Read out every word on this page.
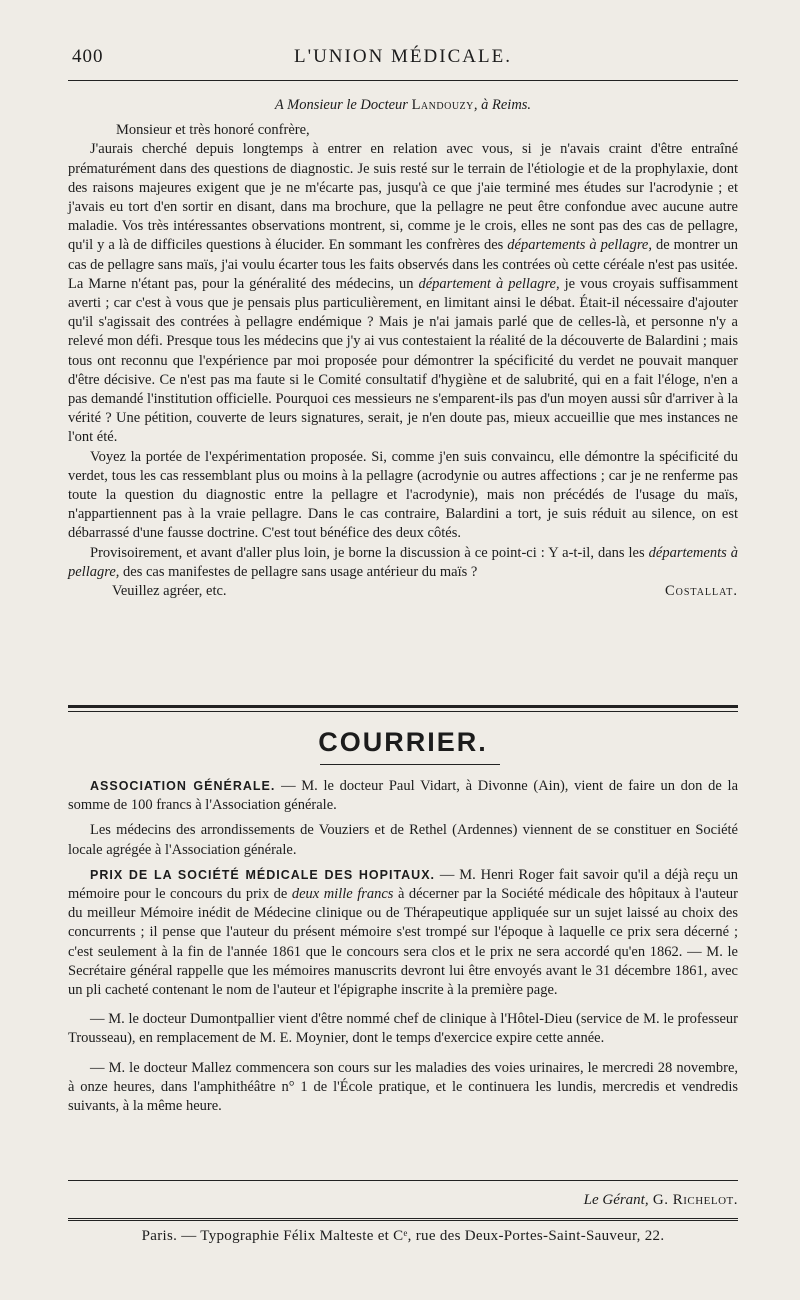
400	L'UNION MÉDICALE.

A Monsieur le Docteur Landouzy, à Reims.

Monsieur et très honoré confrère,

J'aurais cherché depuis longtemps à entrer en relation avec vous, si je n'avais craint d'être entraîné prématurément dans des questions de diagnostic. Je suis resté sur le terrain de l'étiologie et de la prophylaxie, dont des raisons majeures exigent que je ne m'écarte pas, jusqu'à ce que j'aie terminé mes études sur l'acrodynie ; et j'avais eu tort d'en sortir en disant, dans ma brochure, que la pellagre ne peut être confondue avec aucune autre maladie. Vos très intéressantes observations montrent, si, comme je le crois, elles ne sont pas des cas de pellagre, qu'il y a là de difficiles questions à élucider. En sommant les confrères des départements à pellagre, de montrer un cas de pellagre sans maïs, j'ai voulu écarter tous les faits observés dans les contrées où cette céréale n'est pas usitée. La Marne n'étant pas, pour la généralité des médecins, un département à pellagre, je vous croyais suffisamment averti ; car c'est à vous que je pensais plus particulièrement, en limitant ainsi le débat. Était-il nécessaire d'ajouter qu'il s'agissait des contrées à pellagre endémique ? Mais je n'ai jamais parlé que de celles-là, et personne n'y a relevé mon défi. Presque tous les médecins que j'y ai vus contestaient la réalité de la découverte de Balardini ; mais tous ont reconnu que l'expérience par moi proposée pour démontrer la spécificité du verdet ne pouvait manquer d'être décisive. Ce n'est pas ma faute si le Comité consultatif d'hygiène et de salubrité, qui en a fait l'éloge, n'en a pas demandé l'institution officielle. Pourquoi ces messieurs ne s'emparent-ils pas d'un moyen aussi sûr d'arriver à la vérité ? Une pétition, couverte de leurs signatures, serait, je n'en doute pas, mieux accueillie que mes instances ne l'ont été.

Voyez la portée de l'expérimentation proposée. Si, comme j'en suis convaincu, elle démontre la spécificité du verdet, tous les cas ressemblant plus ou moins à la pellagre (acrodynie ou autres affections ; car je ne renferme pas toute la question du diagnostic entre la pellagre et l'acrodynie), mais non précédés de l'usage du maïs, n'appartiennent pas à la vraie pellagre. Dans le cas contraire, Balardini a tort, je suis réduit au silence, on est débarrassé d'une fausse doctrine. C'est tout bénéfice des deux côtés.

Provisoirement, et avant d'aller plus loin, je borne la discussion à ce point-ci : Y a-t-il, dans les départements à pellagre, des cas manifestes de pellagre sans usage antérieur du maïs ?

Veuillez agréer, etc.	Costallat.

COURRIER.

ASSOCIATION GÉNÉRALE. — M. le docteur Paul Vidart, à Divonne (Ain), vient de faire un don de la somme de 100 francs à l'Association générale.

Les médecins des arrondissements de Vouziers et de Rethel (Ardennes) viennent de se constituer en Société locale agrégée à l'Association générale.

PRIX DE LA SOCIÉTÉ MÉDICALE DES HOPITAUX. — M. Henri Roger fait savoir qu'il a déjà reçu un mémoire pour le concours du prix de deux mille francs à décerner par la Société médicale des hôpitaux à l'auteur du meilleur Mémoire inédit de Médecine clinique ou de Thérapeutique appliquée sur un sujet laissé au choix des concurrents ; il pense que l'auteur du présent mémoire s'est trompé sur l'époque à laquelle ce prix sera décerné ; c'est seulement à la fin de l'année 1861 que le concours sera clos et le prix ne sera accordé qu'en 1862. — M. le Secrétaire général rappelle que les mémoires manuscrits devront lui être envoyés avant le 31 décembre 1861, avec un pli cacheté contenant le nom de l'auteur et l'épigraphe inscrite à la première page.

— M. le docteur Dumontpallier vient d'être nommé chef de clinique à l'Hôtel-Dieu (service de M. le professeur Trousseau), en remplacement de M. E. Moynier, dont le temps d'exercice expire cette année.

— M. le docteur Mallez commencera son cours sur les maladies des voies urinaires, le mercredi 28 novembre, à onze heures, dans l'amphithéâtre n° 1 de l'École pratique, et le continuera les lundis, mercredis et vendredis suivants, à la même heure.

Le Gérant, G. Richelot.
Paris. — Typographie Félix Malteste et Cᵉ, rue des Deux-Portes-Saint-Sauveur, 22.
